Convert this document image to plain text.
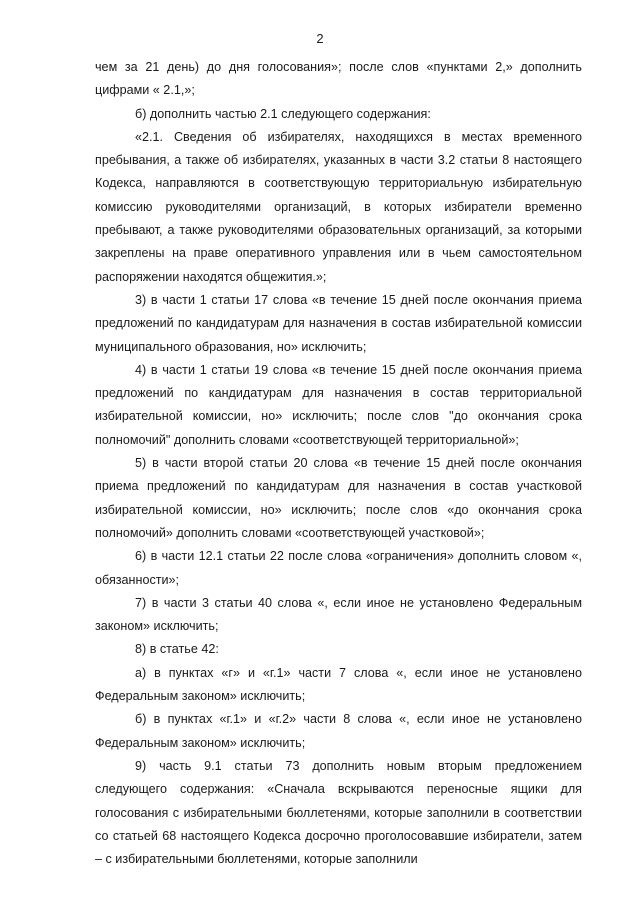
2

чем за 21 день) до дня голосования»; после слов «пунктами 2,» дополнить цифрами « 2.1,»;

б) дополнить частью 2.1 следующего содержания:

«2.1. Сведения об избирателях, находящихся в местах временного пребывания, а также об избирателях, указанных в части 3.2 статьи 8 настоящего Кодекса, направляются в соответствующую территориальную избирательную комиссию руководителями организаций, в которых избиратели временно пребывают, а также руководителями образовательных организаций, за которыми закреплены на праве оперативного управления или в чьем самостоятельном распоряжении находятся общежития.»;

3) в части 1 статьи 17 слова «в течение 15 дней после окончания приема предложений по кандидатурам для назначения в состав избирательной комиссии муниципального образования, но» исключить;

4) в части 1 статьи 19 слова «в течение 15 дней после окончания приема предложений по кандидатурам для назначения в состав территориальной избирательной комиссии, но» исключить; после слов "до окончания срока полномочий" дополнить словами «соответствующей территориальной»;

5) в части второй статьи 20 слова «в течение 15 дней после окончания приема предложений по кандидатурам для назначения в состав участковой избирательной комиссии, но» исключить; после слов «до окончания срока полномочий» дополнить словами «соответствующей участковой»;

6) в части 12.1 статьи 22 после слова «ограничения» дополнить словом «, обязанности»;

7) в части 3 статьи 40 слова «, если иное не установлено Федеральным законом» исключить;

8) в статье 42:

а) в пунктах «г» и «г.1» части 7 слова «, если иное не установлено Федеральным законом» исключить;

б) в пунктах «г.1» и «г.2» части 8 слова «, если иное не установлено Федеральным законом» исключить;

9) часть 9.1 статьи 73 дополнить новым вторым предложением следующего содержания: «Сначала вскрываются переносные ящики для голосования с избирательными бюллетенями, которые заполнили в соответствии со статьей 68 настоящего Кодекса досрочно проголосовавшие избиратели, затем – с избирательными бюллетенями, которые заполнили
